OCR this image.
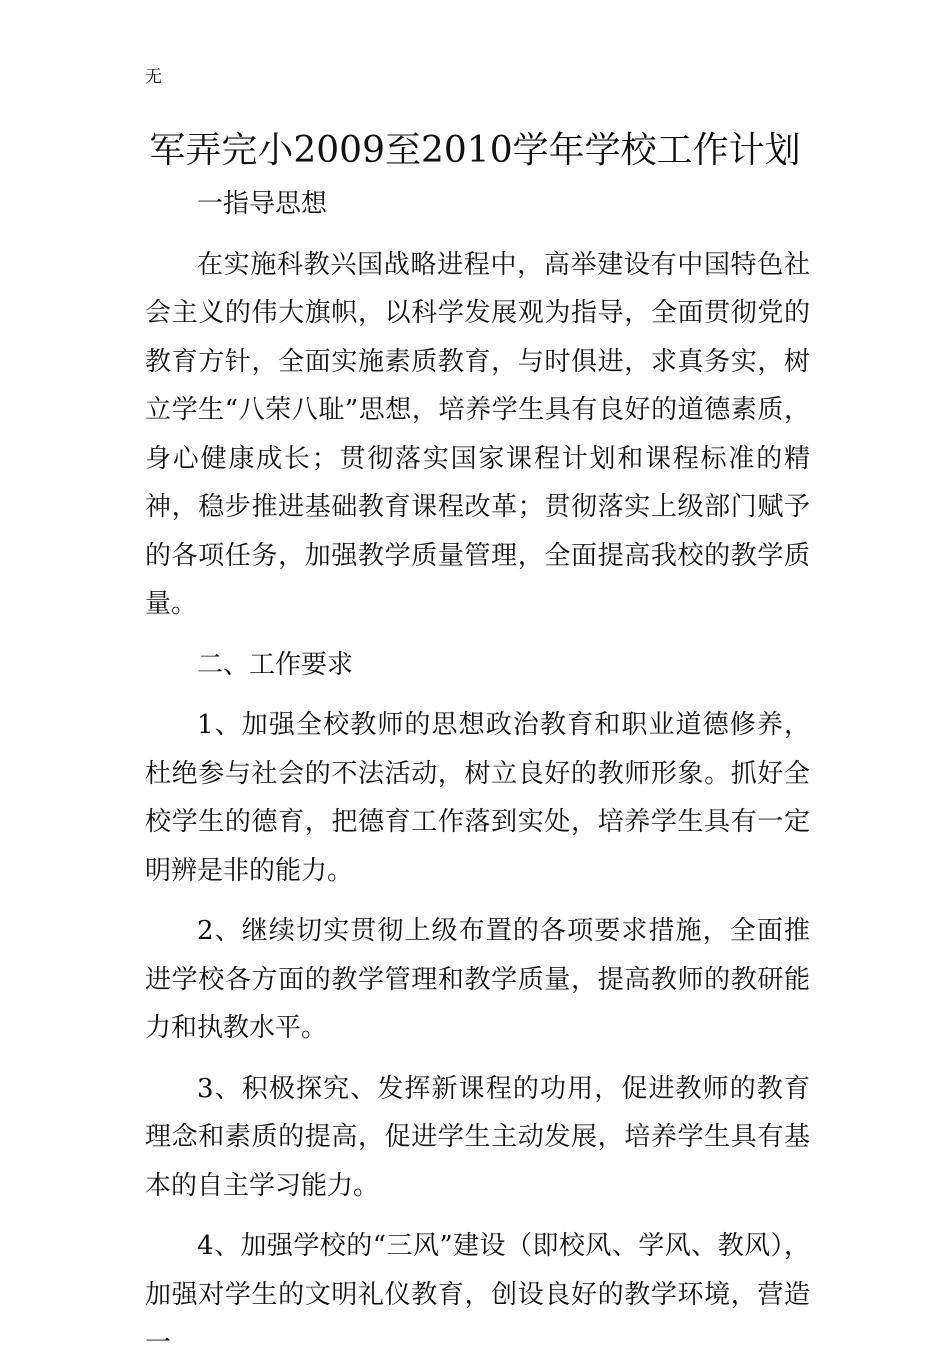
无
军弄完小2009至2010学年学校工作计划

一指导思想

在实施科教兴国战略进程中，高举建设有中国特色社会主义的伟大旗帜，以科学发展观为指导，全面贯彻党的教育方针，全面实施素质教育，与时俱进，求真务实，树立学生“八荣八耻”思想，培养学生具有良好的道德素质，身心健康成长；贯彻落实国家课程计划和课程标准的精神，稳步推进基础教育课程改革；贯彻落实上级部门赋予的各项任务，加强教学质量管理，全面提高我校的教学质量。

二、工作要求

1、加强全校教师的思想政治教育和职业道德修养，杜绝参与社会的不法活动，树立良好的教师形象。抓好全校学生的德育，把德育工作落到实处，培养学生具有一定明辨是非的能力。

2、继续切实贯彻上级布置的各项要求措施，全面推进学校各方面的教学管理和教学质量，提高教师的教研能力和执教水平。

3、积极探究、发挥新课程的功用，促进教师的教育理念和素质的提高，促进学生主动发展，培养学生具有基本的自主学习能力。

4、加强学校的“三风”建设（即校风、学风、教风），加强对学生的文明礼仪教育，创设良好的教学环境，营造一
